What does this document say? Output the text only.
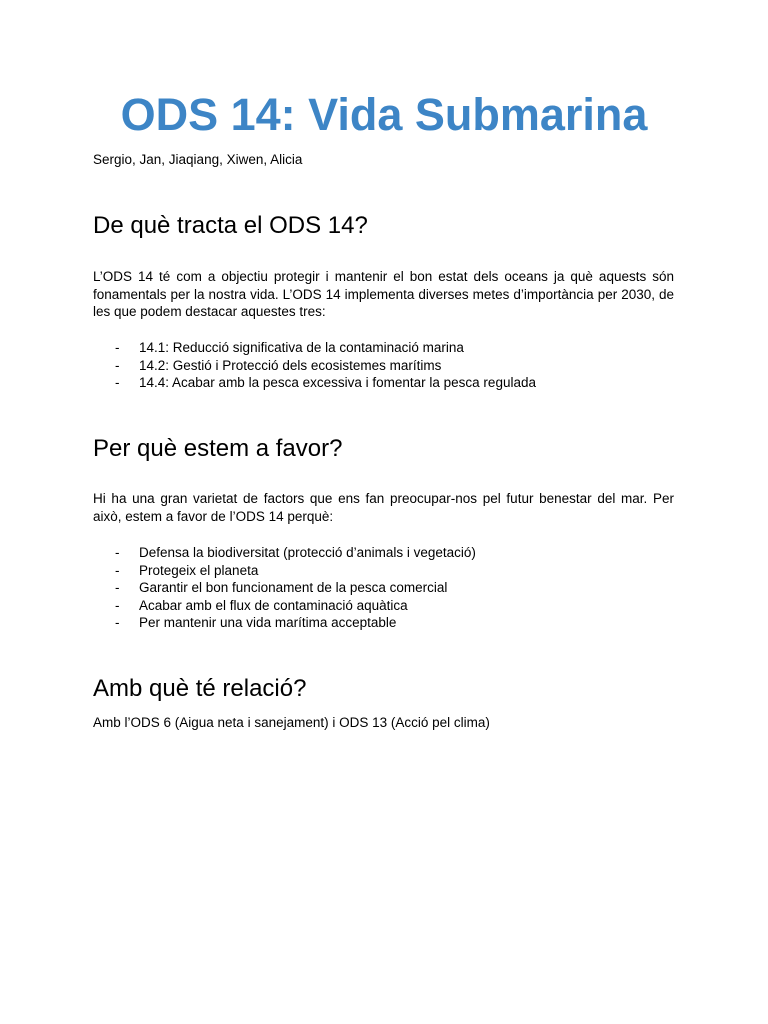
ODS 14: Vida Submarina

Sergio, Jan, Jiaqiang, Xiwen, Alicia

De què tracta el ODS 14?

L’ODS 14 té com a objectiu protegir i mantenir el bon estat dels oceans ja què aquests són fonamentals per la nostra vida. L’ODS 14 implementa diverses metes d’importància per 2030, de les que podem destacar aquestes tres:

- 14.1: Reducció significativa de la contaminació marina
- 14.2: Gestió i Protecció dels ecosistemes marítims
- 14.4: Acabar amb la pesca excessiva i fomentar la pesca regulada
Per què estem a favor?

Hi ha una gran varietat de factors que ens fan preocupar-nos pel futur benestar del mar. Per això, estem a favor de l’ODS 14 perquè:

- Defensa la biodiversitat (protecció d’animals i vegetació)
- Protegeix el planeta
- Garantir el bon funcionament de la pesca comercial
- Acabar amb el flux de contaminació aquàtica
- Per mantenir una vida marítima acceptable
Amb què té relació?

Amb l’ODS 6 (Aigua neta i sanejament) i ODS 13 (Acció pel clima)
